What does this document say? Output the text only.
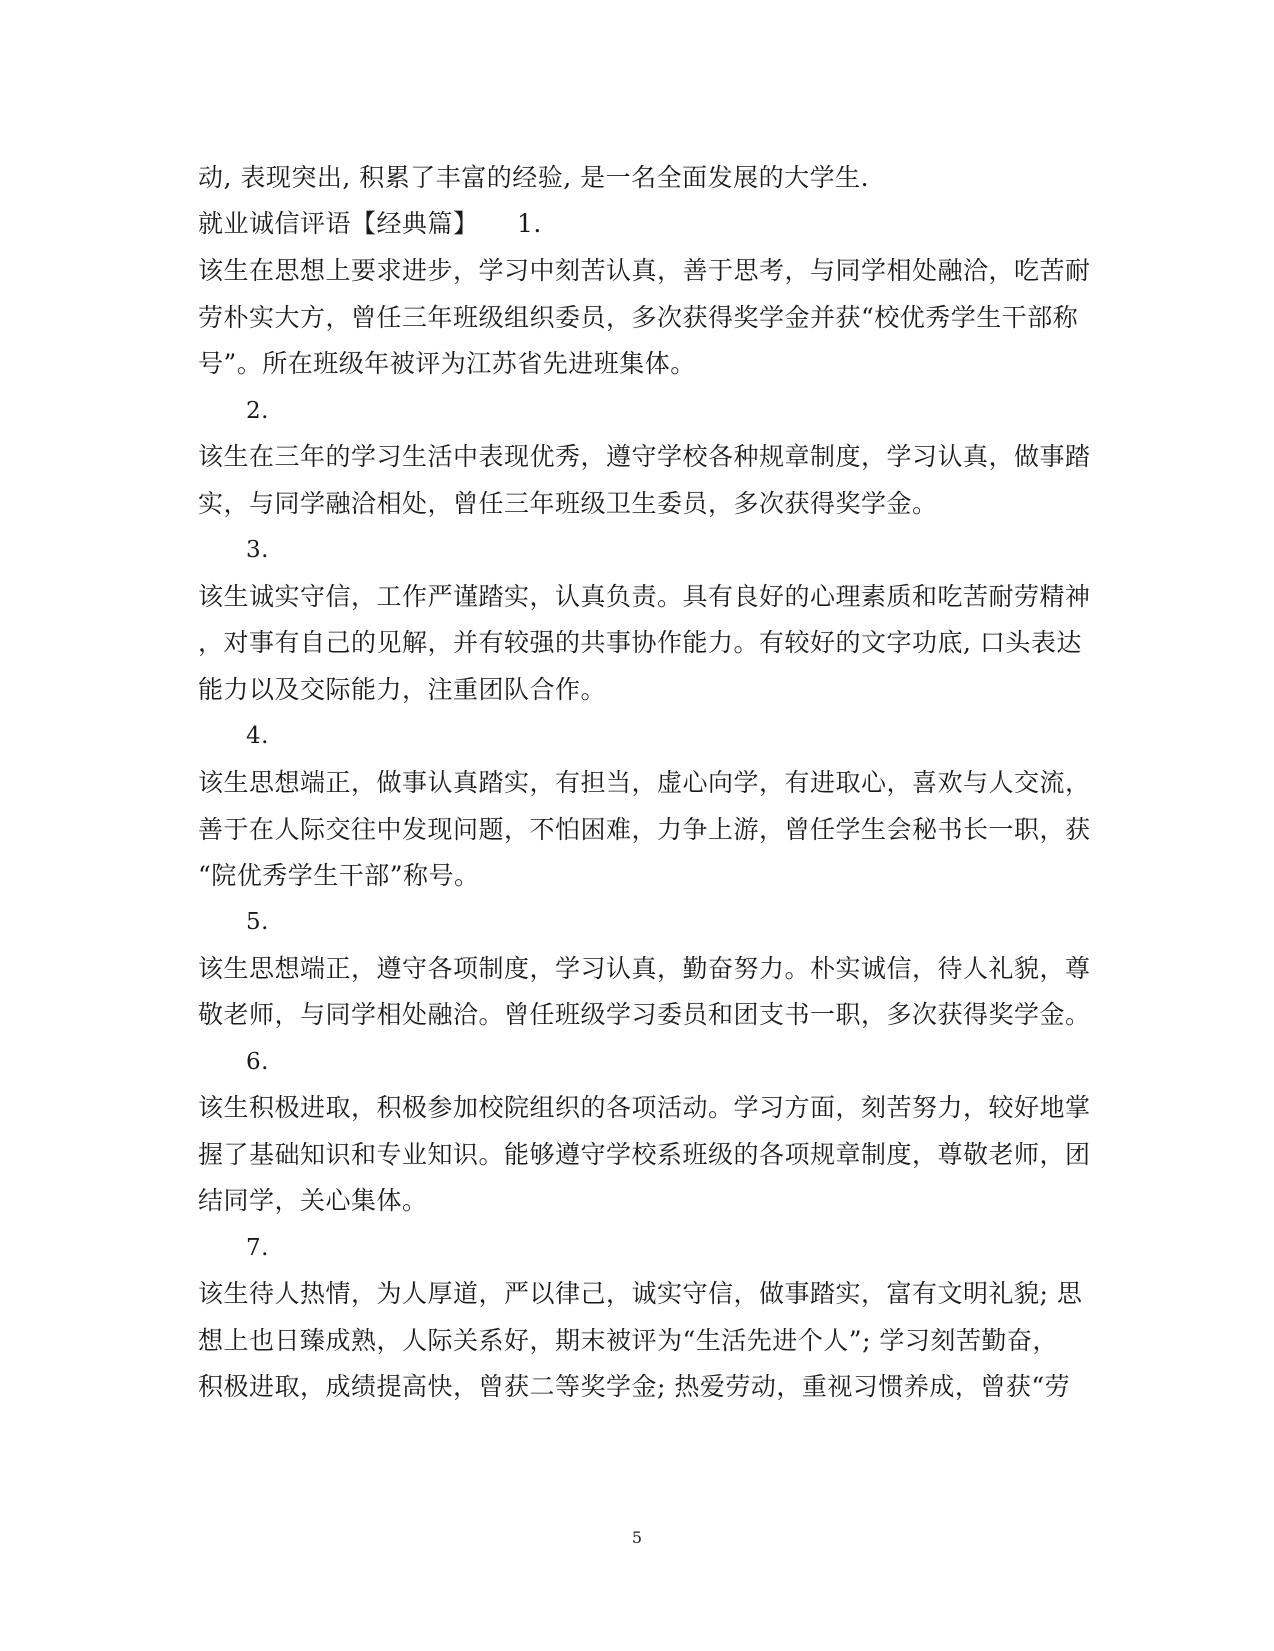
动, 表现突出, 积累了丰富的经验, 是一名全面发展的大学生.
就业诚信评语【经典篇】　　1.
该生在思想上要求进步，学习中刻苦认真，善于思考，与同学相处融洽，吃苦耐
劳朴实大方，曾任三年班级组织委员，多次获得奖学金并获“校优秀学生干部称
号”。所在班级年被评为江苏省先进班集体。
2.
该生在三年的学习生活中表现优秀，遵守学校各种规章制度，学习认真，做事踏
实，与同学融洽相处，曾任三年班级卫生委员，多次获得奖学金。
3.
该生诚实守信，工作严谨踏实，认真负责。具有良好的心理素质和吃苦耐劳精神
，对事有自己的见解，并有较强的共事协作能力。有较好的文字功底, 口头表达
能力以及交际能力，注重团队合作。
4.
该生思想端正，做事认真踏实，有担当，虚心向学，有进取心，喜欢与人交流，
善于在人际交往中发现问题，不怕困难，力争上游，曾任学生会秘书长一职，获
“院优秀学生干部”称号。
5.
该生思想端正，遵守各项制度，学习认真，勤奋努力。朴实诚信，待人礼貌，尊
敬老师，与同学相处融洽。曾任班级学习委员和团支书一职，多次获得奖学金。
6.
该生积极进取，积极参加校院组织的各项活动。学习方面，刻苦努力，较好地掌
握了基础知识和专业知识。能够遵守学校系班级的各项规章制度，尊敬老师，团
结同学，关心集体。
7.
该生待人热情，为人厚道，严以律己，诚实守信，做事踏实，富有文明礼貌; 思
想上也日臻成熟，人际关系好，期末被评为“生活先进个人”; 学习刻苦勤奋，
积极进取，成绩提高快，曾获二等奖学金; 热爱劳动，重视习惯养成，曾获“劳
5
